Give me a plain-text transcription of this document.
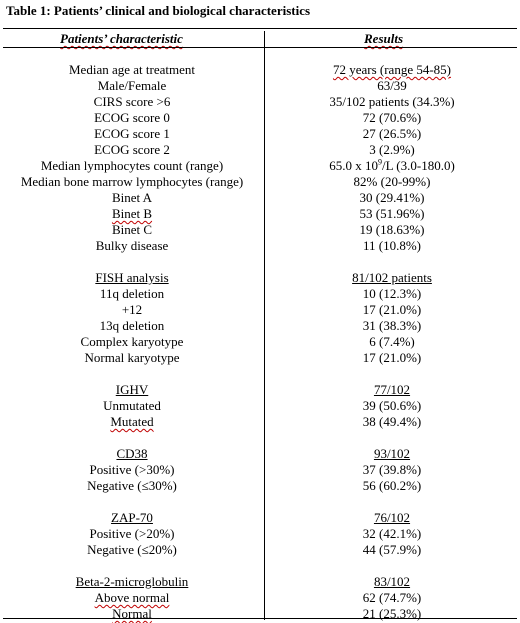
Table 1: Patients’ clinical and biological characteristics
Patients’ characteristic	Results
Median age at treatment	72 years (range 54-85)
Male/Female	63/39
CIRS score >6	35/102 patients (34.3%)
ECOG score 0	72 (70.6%)
ECOG score 1	27 (26.5%)
ECOG score 2	3 (2.9%)
Median lymphocytes count (range)	65.0 x $10^9/L$ (3.0-180.0)
Median bone marrow lymphocytes (range)	82% (20-99%)
Binet A	30 (29.41%)
Binet B	53 (51.96%)
Binet C	19 (18.63%)
Bulky disease	11 (10.8%)
FISH analysis	81/102 patients
11q deletion	10 (12.3%)
+12	17 (21.0%)
13q deletion	31 (38.3%)
Complex karyotype	6 (7.4%)
Normal karyotype	17 (21.0%)
IGHV	77/102
Unmutated	39 (50.6%)
Mutated	38 (49.4%)
CD38	93/102
Positive (>30%)	37 (39.8%)
Negative (≤30%)	56 (60.2%)
ZAP-70	76/102
Positive (>20%)	32 (42.1%)
Negative (≤20%)	44 (57.9%)
Beta-2-microglobulin	83/102
Above normal	62 (74.7%)
Normal	21 (25.3%)
